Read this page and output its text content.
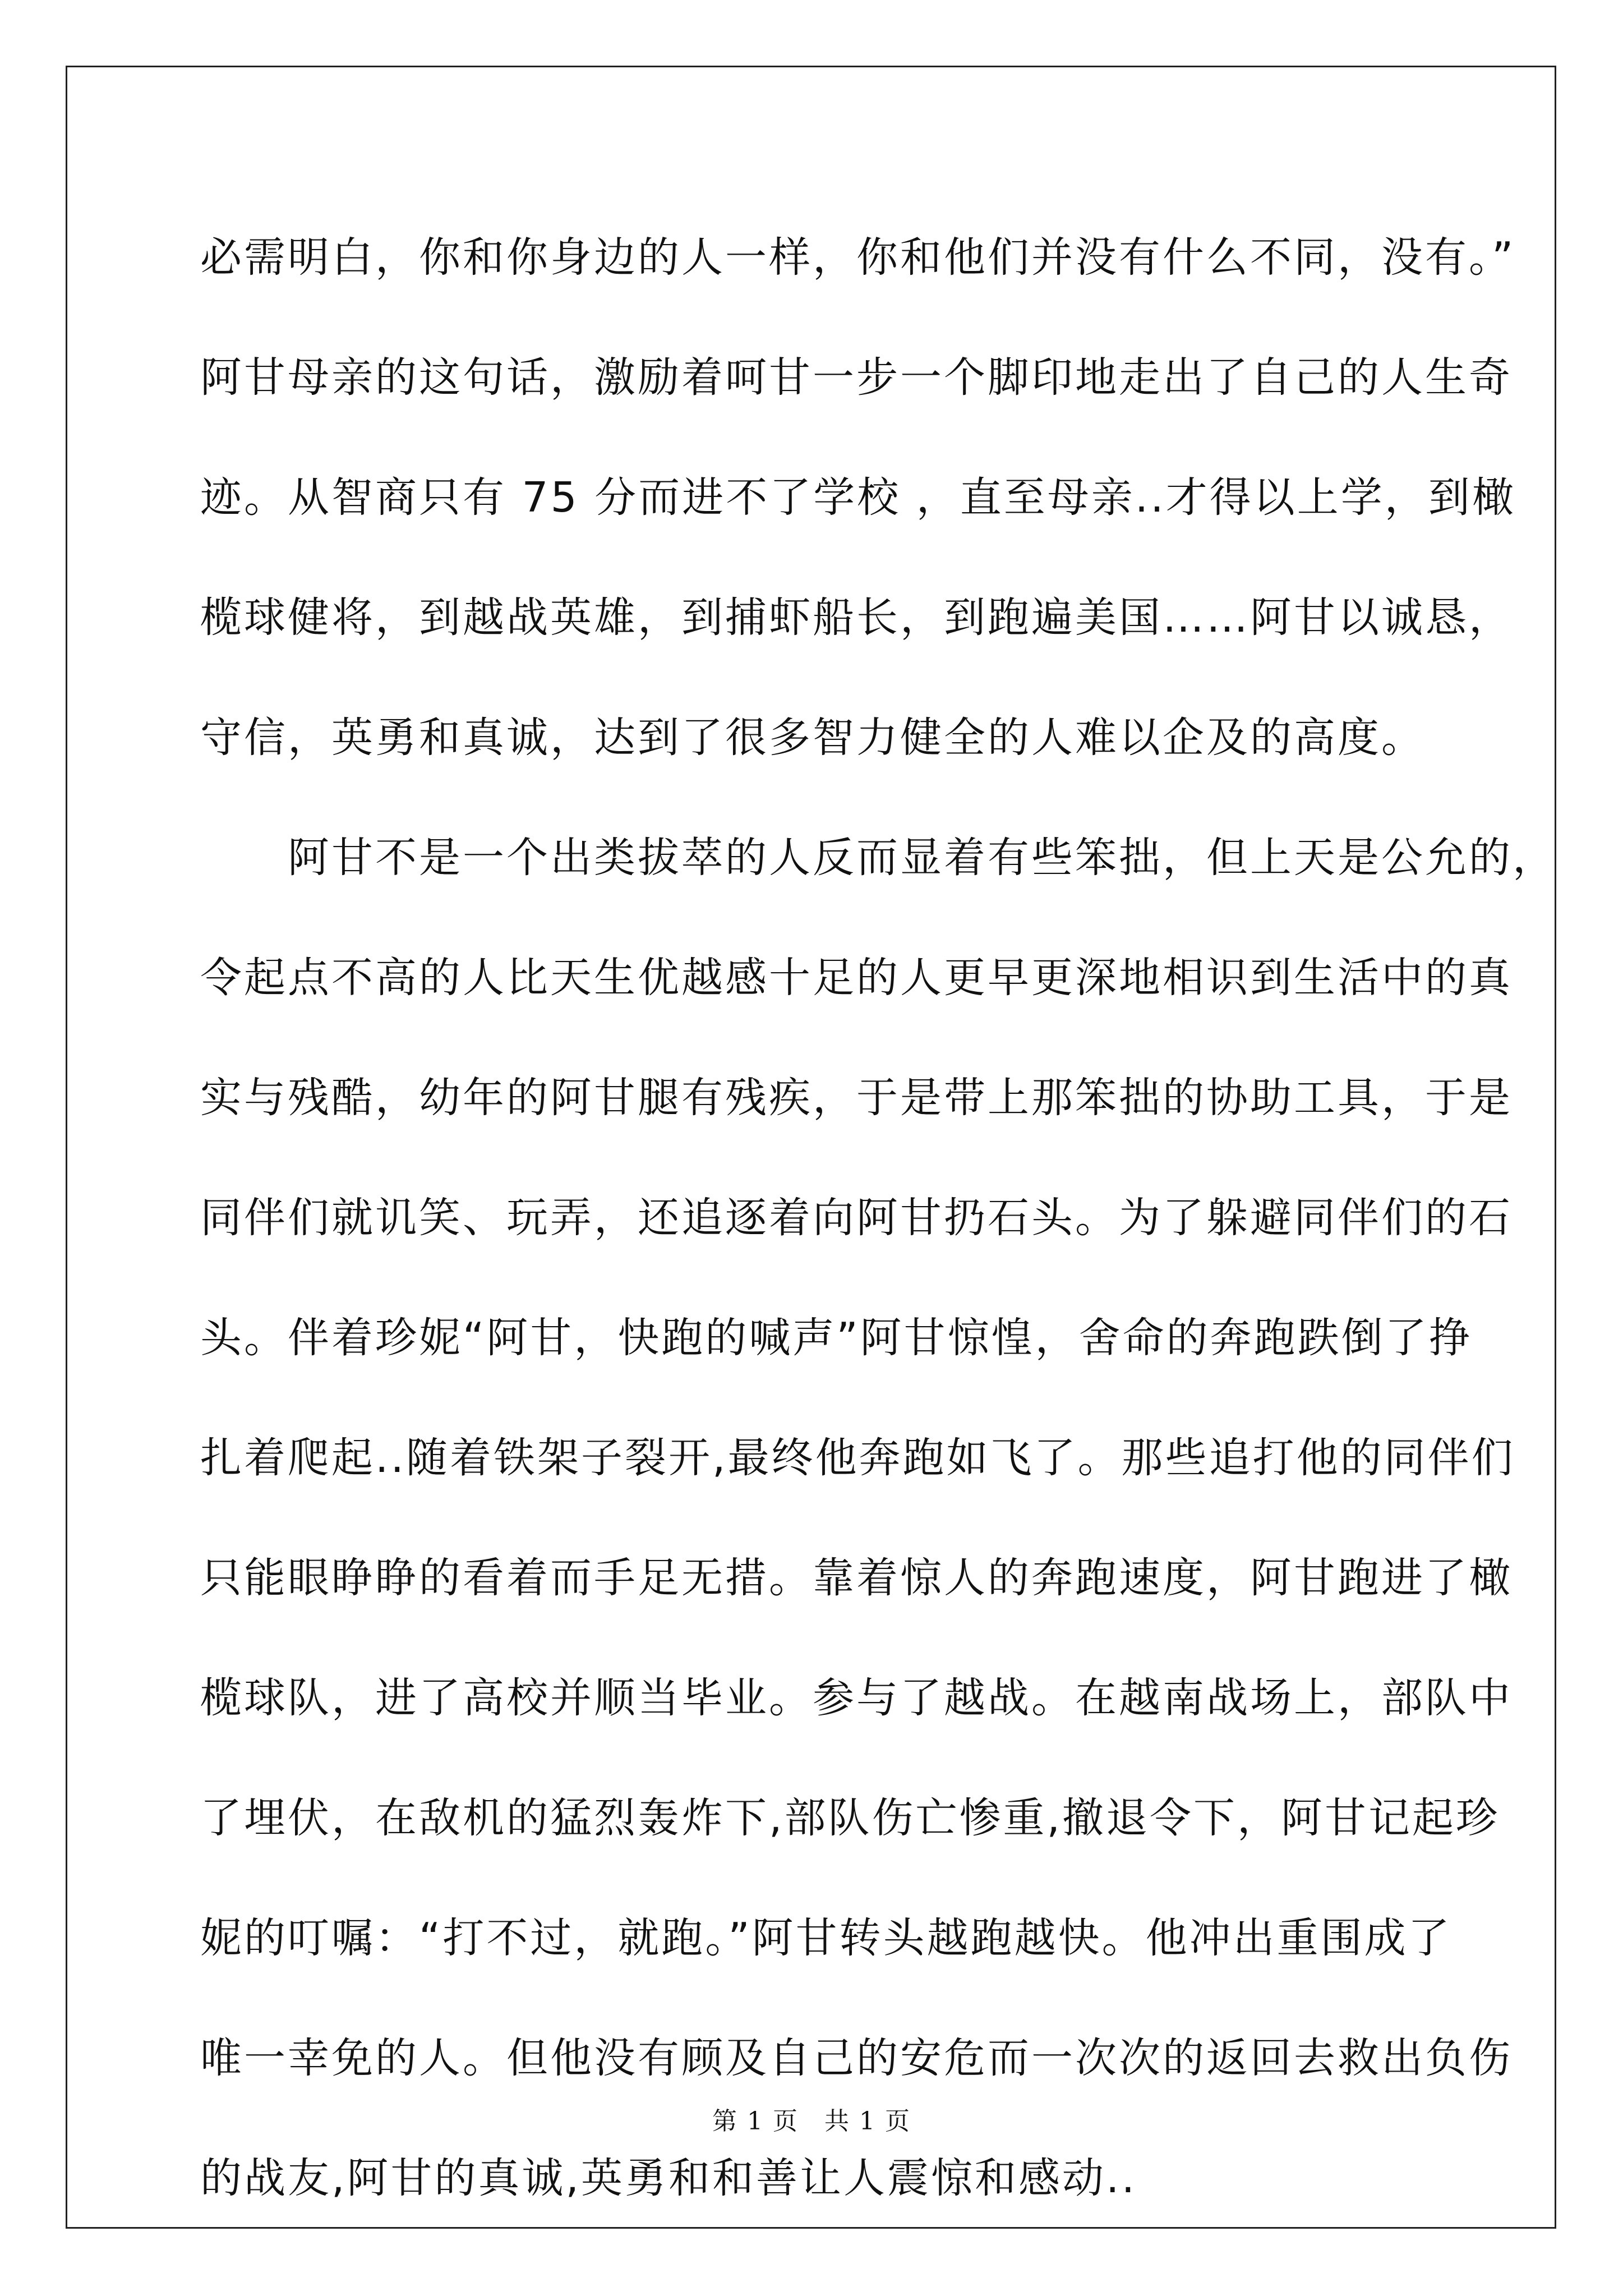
必需明白，你和你身边的人一样，你和他们并没有什么不同，没有。”
阿甘母亲的这句话，激励着呵甘一步一个脚印地走出了自己的人生奇
迹。从智商只有 75 分而进不了学校 ，直至母亲..才得以上学，到橄
榄球健将，到越战英雄，到捕虾船长，到跑遍美国……阿甘以诚恳，
守信，英勇和真诚，达到了很多智力健全的人难以企及的高度。
　　阿甘不是一个出类拔萃的人反而显着有些笨拙，但上天是公允的，
令起点不高的人比天生优越感十足的人更早更深地相识到生活中的真
实与残酷，幼年的阿甘腿有残疾，于是带上那笨拙的协助工具，于是
同伴们就讥笑、玩弄，还追逐着向阿甘扔石头。为了躲避同伴们的石
头。伴着珍妮“阿甘，快跑的喊声”阿甘惊惶，舍命的奔跑跌倒了挣
扎着爬起..随着铁架子裂开,最终他奔跑如飞了。那些追打他的同伴们
只能眼睁睁的看着而手足无措。靠着惊人的奔跑速度，阿甘跑进了橄
榄球队，进了高校并顺当毕业。参与了越战。在越南战场上，部队中
了埋伏，在敌机的猛烈轰炸下,部队伤亡惨重,撤退令下，阿甘记起珍
妮的叮嘱：“打不过，就跑。”阿甘转头越跑越快。他冲出重围成了
唯一幸免的人。但他没有顾及自己的安危而一次次的返回去救出负伤
的战友,阿甘的真诚,英勇和和善让人震惊和感动..
第 1 页　共 1 页
